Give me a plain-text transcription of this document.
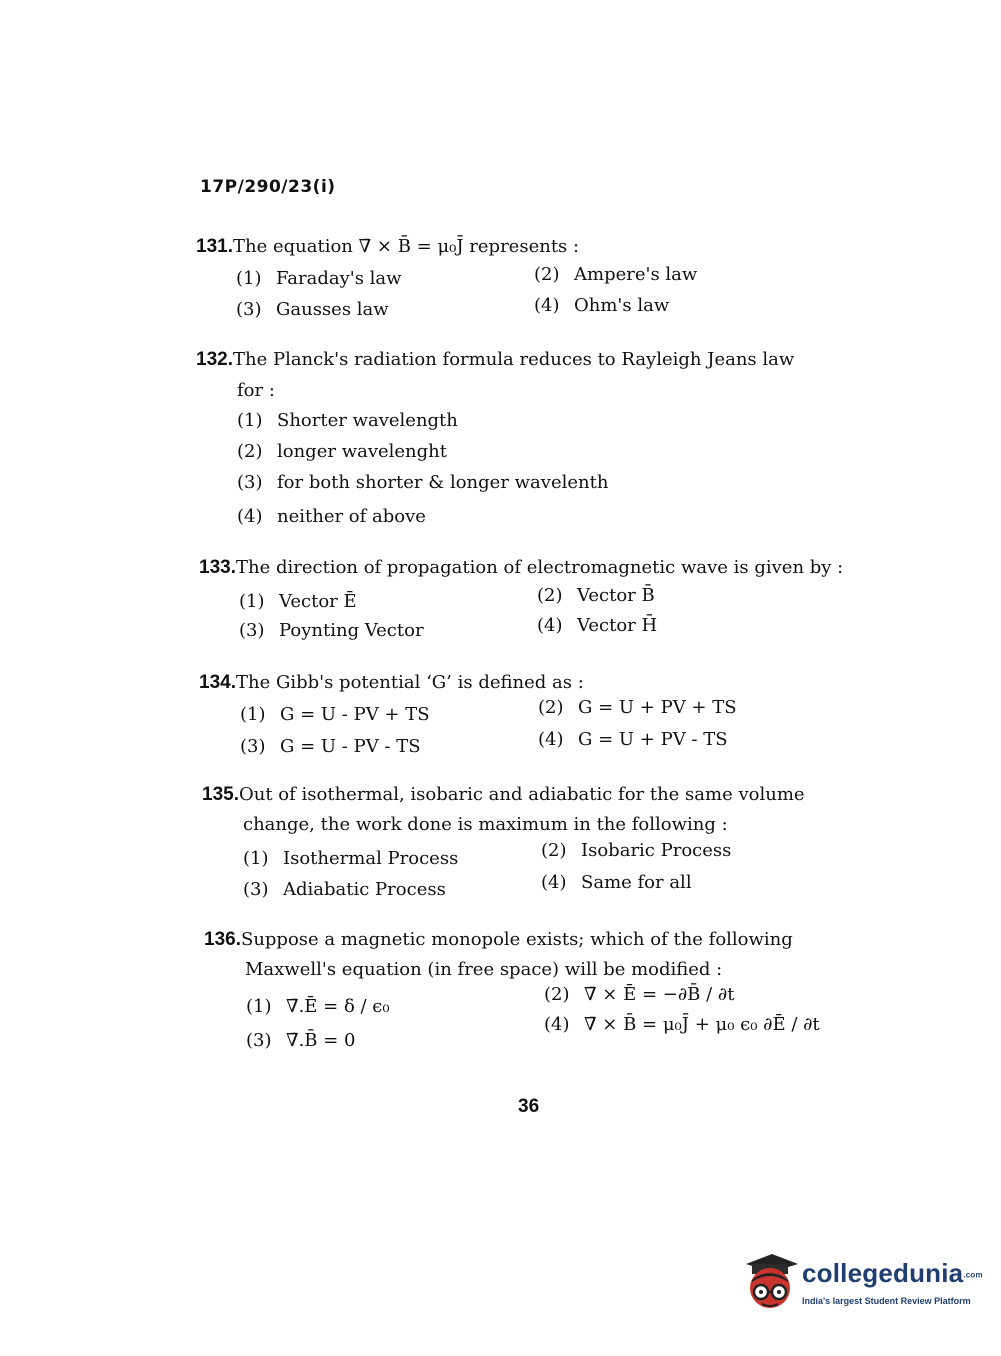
17P/290/23(i)
131.The equation ∇̄ × B̄ = μ₀J̄ represents :
(1) Faraday's law	(2) Ampere's law
(3) Gausses law	(4) Ohm's law
132.The Planck's radiation formula reduces to Rayleigh Jeans law
for :
(1) Shorter wavelength
(2) longer wavelenght
(3) for both shorter & longer wavelenth
(4) neither of above
133.The direction of propagation of electromagnetic wave is given by :
(1) Vector Ē	(2) Vector B̄
(3) Poynting Vector	(4) Vector H̄
134.The Gibb's potential ‘G’ is defined as :
(1) G = U - PV + TS	(2) G = U + PV + TS
(3) G = U - PV - TS	(4) G = U + PV - TS
135.Out of isothermal, isobaric and adiabatic for the same volume
change, the work done is maximum in the following :
(1) Isothermal Process	(2) Isobaric Process
(3) Adiabatic Process	(4) Same for all
136.Suppose a magnetic monopole exists; which of the following
Maxwell's equation (in free space) will be modified :
(1) ∇̄.Ē = δ / ϵ₀
(2) ∇̄ × Ē = −∂B̄ / ∂t
(3) ∇̄.B̄ = 0
(4) ∇̄ × B̄ = μ₀J̄ + μ₀ ϵ₀ ∂Ē / ∂t
36
collegedunia.com
India's largest Student Review Platform
